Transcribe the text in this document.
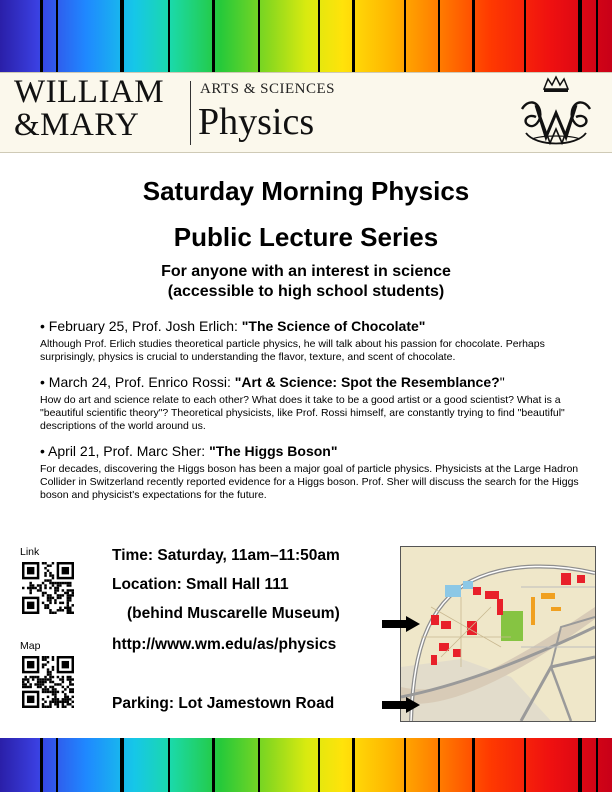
WILLIAM
&MARY
ARTS & SCIENCES
Physics
Saturday Morning Physics
Public Lecture Series
For anyone with an interest in science
(accessible to high school students)
• February 25, Prof. Josh Erlich: "The Science of Chocolate"
Although Prof. Erlich studies theoretical particle physics, he will talk about his passion for chocolate. Perhaps surprisingly, physics is crucial to understanding the flavor, texture, and scent of chocolate.
• March 24, Prof. Enrico Rossi: "Art & Science: Spot the Resemblance?"
How do art and science relate to each other? What does it take to be a good artist or a good scientist? What is a "beautiful scientific theory"? Theoretical physicists, like Prof. Rossi himself, are constantly trying to find "beautiful" descriptions of the world around us.
• April 21, Prof. Marc Sher: "The Higgs Boson"
For decades, discovering the Higgs boson has been a major goal of particle physics. Physicists at the Large Hadron Collider in Switzerland recently reported evidence for a Higgs boson. Prof. Sher will discuss the search for the Higgs boson and physicist's expectations for the future.
Link
Map
Time: Saturday, 11am–11:50am
Location: Small Hall 111
(behind Muscarelle Museum)
http://www.wm.edu/as/physics
Parking: Lot Jamestown Road
